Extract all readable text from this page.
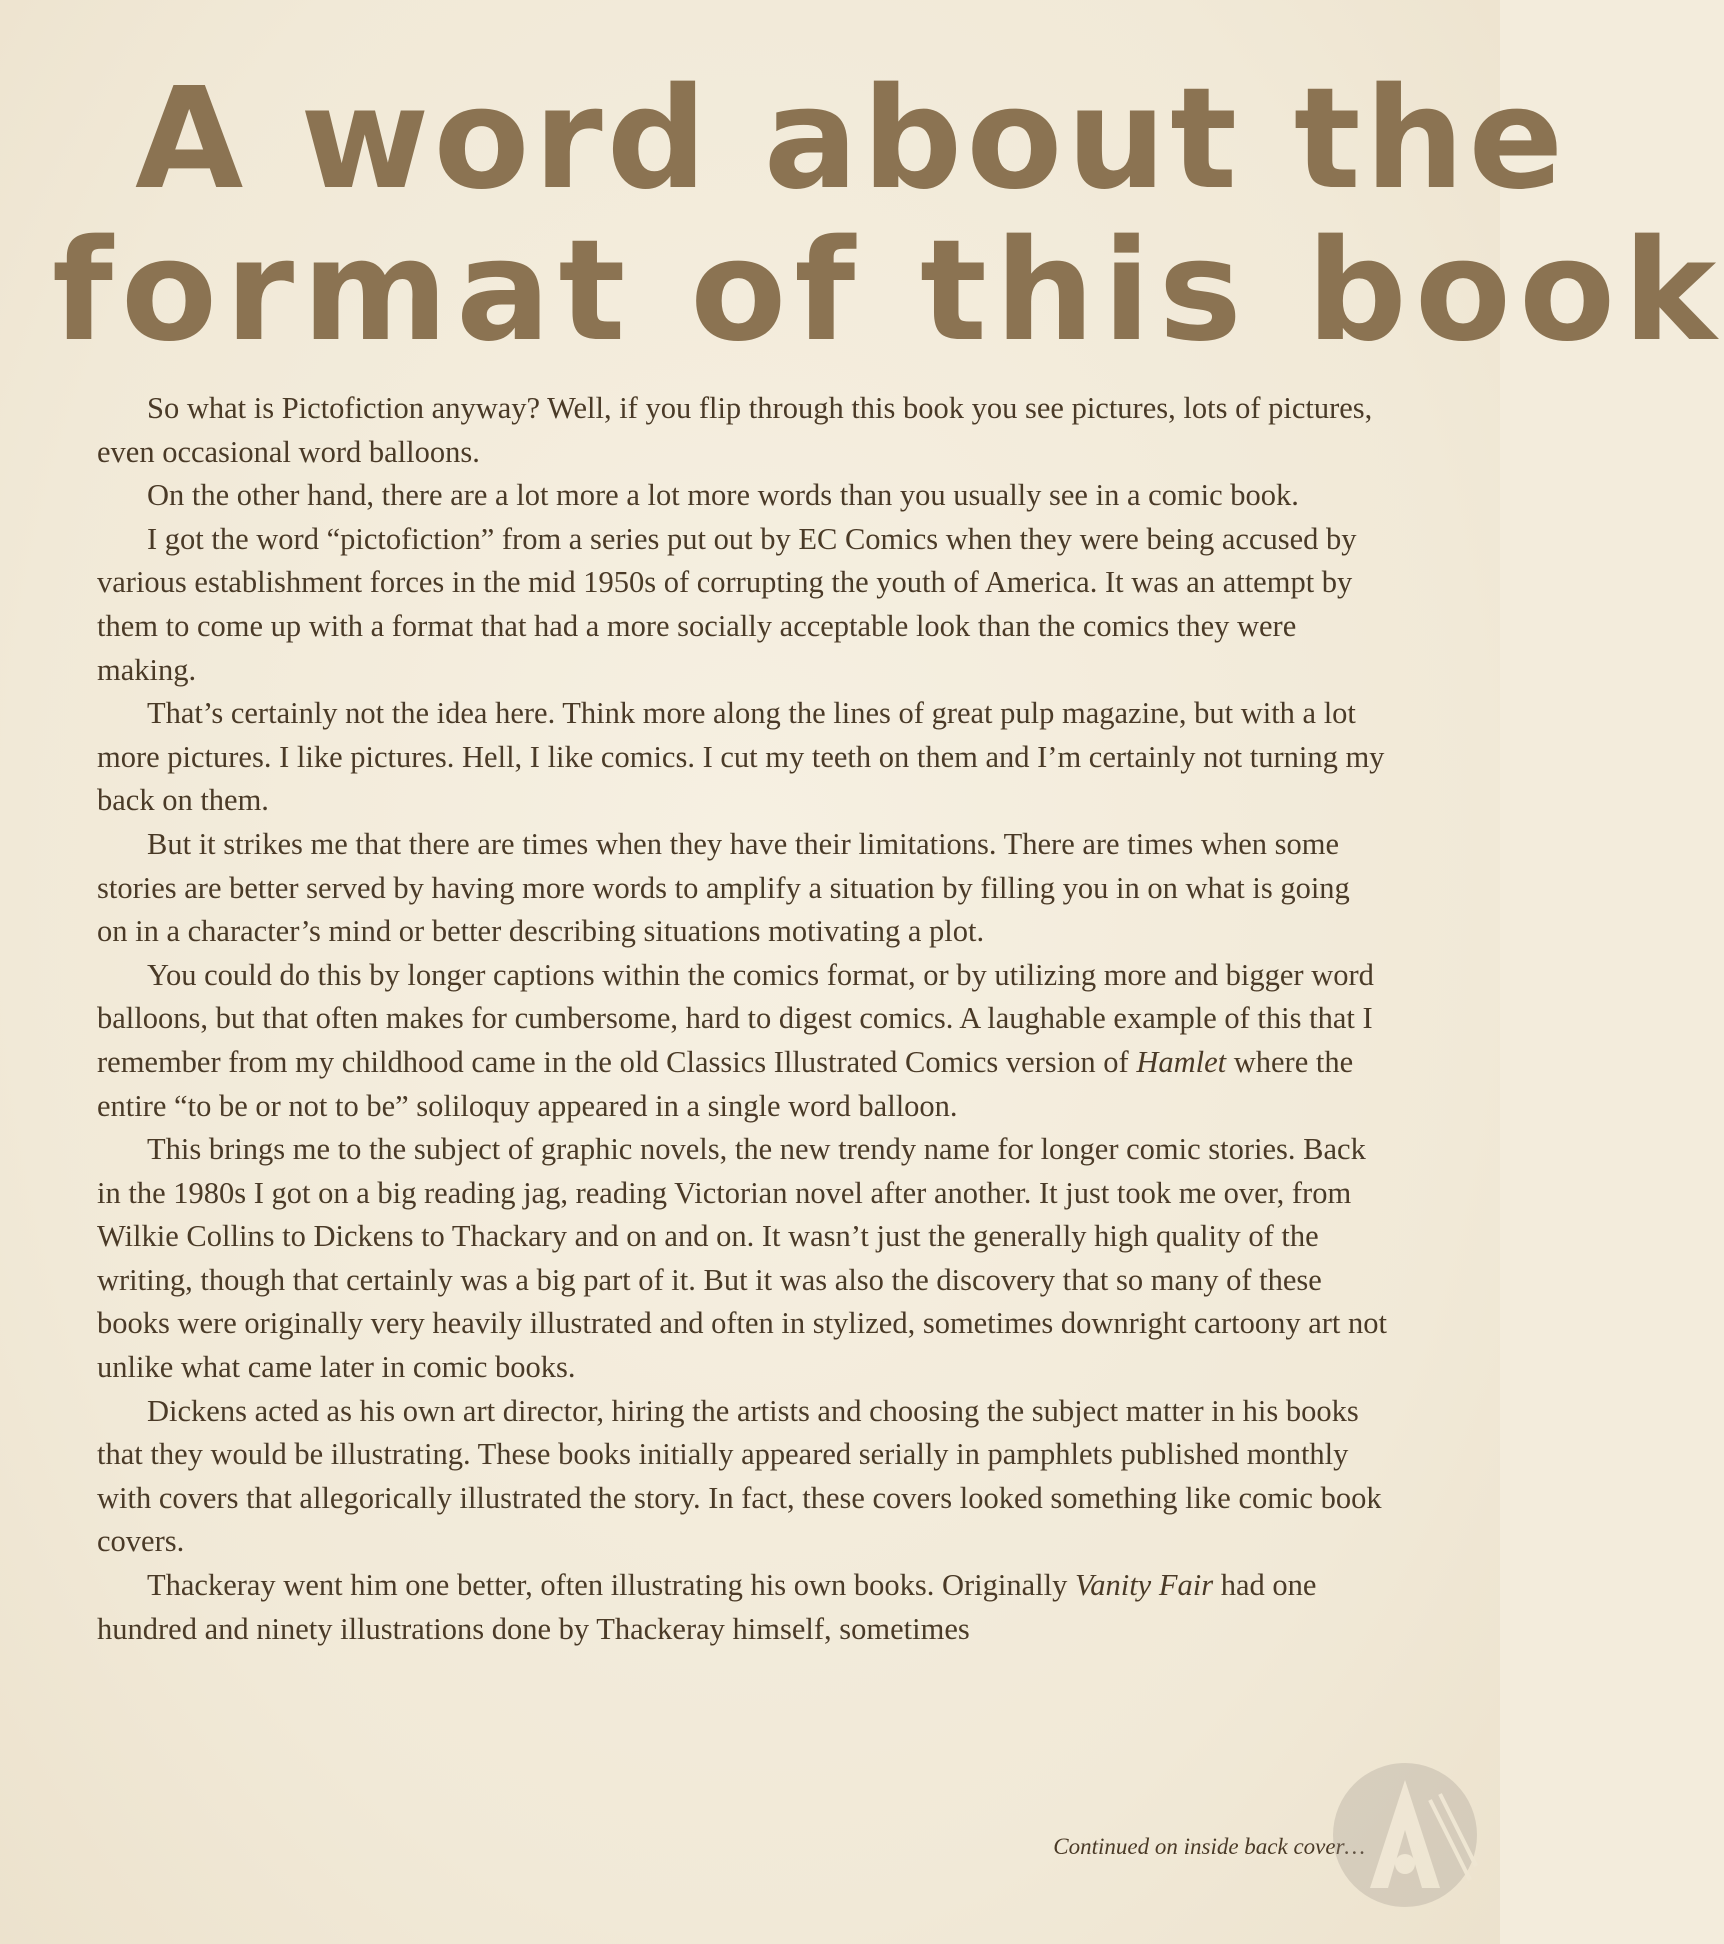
A word about the
format of this book

So what is Pictofiction anyway? Well, if you flip through this book you see pictures, lots of pictures, even occasional word balloons.

On the other hand, there are a lot more a lot more words than you usually see in a comic book.

I got the word “pictofiction” from a series put out by EC Comics when they were being accused by various establishment forces in the mid 1950s of corrupting the youth of America. It was an attempt by them to come up with a format that had a more socially acceptable look than the comics they were making.

That’s certainly not the idea here. Think more along the lines of great pulp magazine, but with a lot more pictures. I like pictures. Hell, I like comics. I cut my teeth on them and I’m certainly not turning my back on them.

But it strikes me that there are times when they have their limitations. There are times when some stories are better served by having more words to amplify a situation by filling you in on what is going on in a character’s mind or better describing situations motivating a plot.

You could do this by longer captions within the comics format, or by utilizing more and bigger word balloons, but that often makes for cumbersome, hard to digest comics. A laughable example of this that I remember from my childhood came in the old Classics Illustrated Comics version of Hamlet where the entire “to be or not to be” soliloquy appeared in a single word balloon.

This brings me to the subject of graphic novels, the new trendy name for longer comic stories. Back in the 1980s I got on a big reading jag, reading Victorian novel after another. It just took me over, from Wilkie Collins to Dickens to Thackary and on and on. It wasn’t just the generally high quality of the writing, though that certainly was a big part of it. But it was also the discovery that so many of these books were originally very heavily illustrated and often in stylized, sometimes downright cartoony art not unlike what came later in comic books.

Dickens acted as his own art director, hiring the artists and choosing the subject matter in his books that they would be illustrating. These books initially appeared serially in pamphlets published monthly with covers that allegorically illustrated the story. In fact, these covers looked something like comic book covers.

Thackeray went him one better, often illustrating his own books. Originally Vanity Fair had one hundred and ninety illustrations done by Thackeray himself, sometimes

Continued on inside back cover…
